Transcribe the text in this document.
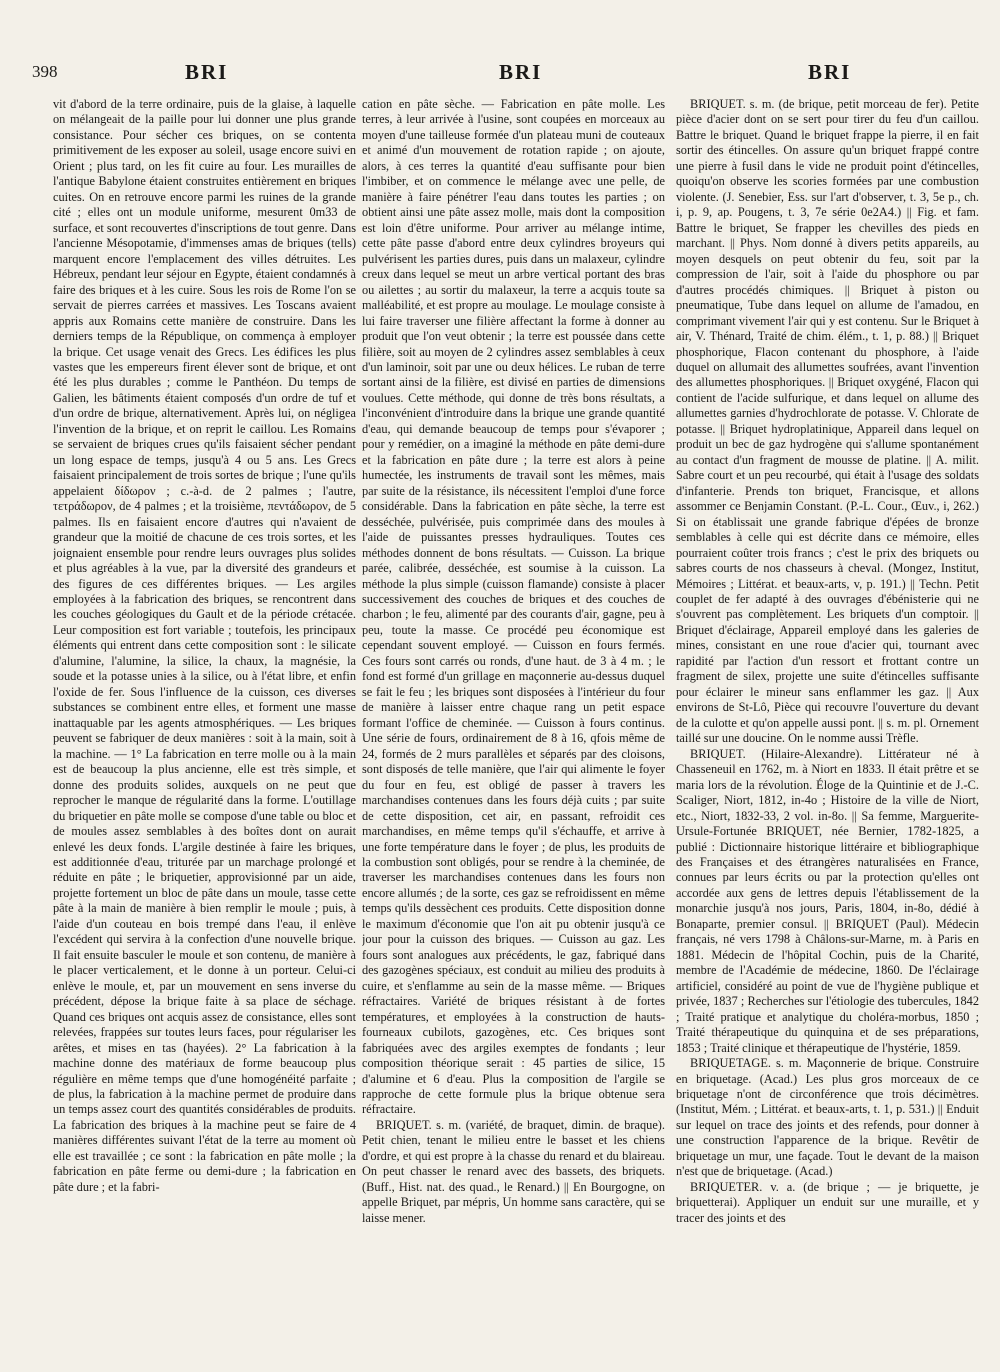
398	BRI	BRI	BRI

vit d'abord de la terre ordinaire, puis de la glaise, à laquelle on mélangeait de la paille pour lui donner une plus grande consistance. Pour sécher ces briques, on se contenta primitivement de les exposer au soleil, usage encore suivi en Orient ; plus tard, on les fit cuire au four. Les murailles de l'antique Babylone étaient construites entièrement en briques cuites. On en retrouve encore parmi les ruines de la grande cité ; elles ont un module uniforme, mesurent 0m33 de surface, et sont recouvertes d'inscriptions de tout genre. Dans l'ancienne Mésopotamie, d'immenses amas de briques (tells) marquent encore l'emplacement des villes détruites. Les Hébreux, pendant leur séjour en Egypte, étaient condamnés à faire des briques et à les cuire. Sous les rois de Rome l'on se servait de pierres carrées et massives. Les Toscans avaient appris aux Romains cette manière de construire. Dans les derniers temps de la République, on commença à employer la brique. Cet usage venait des Grecs. Les édifices les plus vastes que les empereurs firent élever sont de brique, et ont été les plus durables ; comme le Panthéon. Du temps de Galien, les bâtiments étaient composés d'un ordre de tuf et d'un ordre de brique, alternativement. Après lui, on négligea l'invention de la brique, et on reprit le caillou. Les Romains se servaient de briques crues qu'ils faisaient sécher pendant un long espace de temps, jusqu'à 4 ou 5 ans. Les Grecs faisaient principalement de trois sortes de brique ; l'une qu'ils appelaient δίδωρον ; c.-à-d. de 2 palmes ; l'autre, τετράδωρον, de 4 palmes ; et la troisième, πεντάδωρον, de 5 palmes. Ils en faisaient encore d'autres qui n'avaient de grandeur que la moitié de chacune de ces trois sortes, et les joignaient ensemble pour rendre leurs ouvrages plus solides et plus agréables à la vue, par la diversité des grandeurs et des figures de ces différentes briques. — Les argiles employées à la fabrication des briques, se rencontrent dans les couches géologiques du Gault et de la période crétacée. Leur composition est fort variable ; toutefois, les principaux éléments qui entrent dans cette composition sont : le silicate d'alumine, l'alumine, la silice, la chaux, la magnésie, la soude et la potasse unies à la silice, ou à l'état libre, et enfin l'oxide de fer. Sous l'influence de la cuisson, ces diverses substances se combinent entre elles, et forment une masse inattaquable par les agents atmosphériques. — Les briques peuvent se fabriquer de deux manières : soit à la main, soit à la machine. — 1° La fabrication en terre molle ou à la main est de beaucoup la plus ancienne, elle est très simple, et donne des produits solides, auxquels on ne peut que reprocher le manque de régularité dans la forme. L'outillage du briquetier en pâte molle se compose d'une table ou bloc et de moules assez semblables à des boîtes dont on aurait enlevé les deux fonds. L'argile destinée à faire les briques, est additionnée d'eau, triturée par un marchage prolongé et réduite en pâte ; le briquetier, approvisionné par un aide, projette fortement un bloc de pâte dans un moule, tasse cette pâte à la main de manière à bien remplir le moule ; puis, à l'aide d'un couteau en bois trempé dans l'eau, il enlève l'excédent qui servira à la confection d'une nouvelle brique. Il fait ensuite basculer le moule et son contenu, de manière à le placer verticalement, et le donne à un porteur. Celui-ci enlève le moule, et, par un mouvement en sens inverse du précédent, dépose la brique faite à sa place de séchage. Quand ces briques ont acquis assez de consistance, elles sont relevées, frappées sur toutes leurs faces, pour régulariser les arêtes, et mises en tas (hayées). 2° La fabrication à la machine donne des matériaux de forme beaucoup plus régulière en même temps que d'une homogénéité parfaite ; de plus, la fabrication à la machine permet de produire dans un temps assez court des quantités considérables de produits. La fabrication des briques à la machine peut se faire de 4 manières différentes suivant l'état de la terre au moment où elle est travaillée ; ce sont : la fabrication en pâte molle ; la fabrication en pâte ferme ou demi-dure ; la fabrication en pâte dure ; et la fabri-

cation en pâte sèche. — Fabrication en pâte molle. Les terres, à leur arrivée à l'usine, sont coupées en morceaux au moyen d'une tailleuse formée d'un plateau muni de couteaux et animé d'un mouvement de rotation rapide ; on ajoute, alors, à ces terres la quantité d'eau suffisante pour bien l'imbiber, et on commence le mélange avec une pelle, de manière à faire pénétrer l'eau dans toutes les parties ; on obtient ainsi une pâte assez molle, mais dont la composition est loin d'être uniforme. Pour arriver au mélange intime, cette pâte passe d'abord entre deux cylindres broyeurs qui pulvérisent les parties dures, puis dans un malaxeur, cylindre creux dans lequel se meut un arbre vertical portant des bras ou ailettes ; au sortir du malaxeur, la terre a acquis toute sa malléabilité, et est propre au moulage. Le moulage consiste à lui faire traverser une filière affectant la forme à donner au produit que l'on veut obtenir ; la terre est poussée dans cette filière, soit au moyen de 2 cylindres assez semblables à ceux d'un laminoir, soit par une ou deux hélices. Le ruban de terre sortant ainsi de la filière, est divisé en parties de dimensions voulues. Cette méthode, qui donne de très bons résultats, a l'inconvénient d'introduire dans la brique une grande quantité d'eau, qui demande beaucoup de temps pour s'évaporer ; pour y remédier, on a imaginé la méthode en pâte demi-dure et la fabrication en pâte dure ; la terre est alors à peine humectée, les instruments de travail sont les mêmes, mais par suite de la résistance, ils nécessitent l'emploi d'une force considérable. Dans la fabrication en pâte sèche, la terre est desséchée, pulvérisée, puis comprimée dans des moules à l'aide de puissantes presses hydrauliques. Toutes ces méthodes donnent de bons résultats. — Cuisson. La brique parée, calibrée, desséchée, est soumise à la cuisson. La méthode la plus simple (cuisson flamande) consiste à placer successivement des couches de briques et des couches de charbon ; le feu, alimenté par des courants d'air, gagne, peu à peu, toute la masse. Ce procédé peu économique est cependant souvent employé. — Cuisson en fours fermés. Ces fours sont carrés ou ronds, d'une haut. de 3 à 4 m. ; le fond est formé d'un grillage en maçonnerie au-dessus duquel se fait le feu ; les briques sont disposées à l'intérieur du four de manière à laisser entre chaque rang un petit espace formant l'office de cheminée. — Cuisson à fours continus. Une série de fours, ordinairement de 8 à 16, qfois même de 24, formés de 2 murs parallèles et séparés par des cloisons, sont disposés de telle manière, que l'air qui alimente le foyer du four en feu, est obligé de passer à travers les marchandises contenues dans les fours déjà cuits ; par suite de cette disposition, cet air, en passant, refroidit ces marchandises, en même temps qu'il s'échauffe, et arrive à une forte température dans le foyer ; de plus, les produits de la combustion sont obligés, pour se rendre à la cheminée, de traverser les marchandises contenues dans les fours non encore allumés ; de la sorte, ces gaz se refroidissent en même temps qu'ils dessèchent ces produits. Cette disposition donne le maximum d'économie que l'on ait pu obtenir jusqu'à ce jour pour la cuisson des briques. — Cuisson au gaz. Les fours sont analogues aux précédents, le gaz, fabriqué dans des gazogènes spéciaux, est conduit au milieu des produits à cuire, et s'enflamme au sein de la masse même. — Briques réfractaires. Variété de briques résistant à de fortes températures, et employées à la construction de hauts-fourneaux cubilots, gazogènes, etc. Ces briques sont fabriquées avec des argiles exemptes de fondants ; leur composition théorique serait : 45 parties de silice, 15 d'alumine et 6 d'eau. Plus la composition de l'argile se rapproche de cette formule plus la brique obtenue sera réfractaire.

BRIQUET. s. m. (variété, de braquet, dimin. de braque). Petit chien, tenant le milieu entre le basset et les chiens d'ordre, et qui est propre à la chasse du renard et du blaireau. On peut chasser le renard avec des bassets, des briquets. (Buff., Hist. nat. des quad., le Renard.) || En Bourgogne, on appelle Briquet, par mépris, Un homme sans caractère, qui se laisse mener.

BRIQUET. s. m. (de brique, petit morceau de fer). Petite pièce d'acier dont on se sert pour tirer du feu d'un caillou. Battre le briquet. Quand le briquet frappe la pierre, il en fait sortir des étincelles. On assure qu'un briquet frappé contre une pierre à fusil dans le vide ne produit point d'étincelles, quoiqu'on observe les scories formées par une combustion violente. (J. Senebier, Ess. sur l'art d'observer, t. 3, 5e p., ch. i, p. 9, ap. Pougens, t. 3, 7e série 0e2A4.) || Fig. et fam. Battre le briquet, Se frapper les chevilles des pieds en marchant. || Phys. Nom donné à divers petits appareils, au moyen desquels on peut obtenir du feu, soit par la compression de l'air, soit à l'aide du phosphore ou par d'autres procédés chimiques. || Briquet à piston ou pneumatique, Tube dans lequel on allume de l'amadou, en comprimant vivement l'air qui y est contenu. Sur le Briquet à air, V. Thénard, Traité de chim. élém., t. 1, p. 88.) || Briquet phosphorique, Flacon contenant du phosphore, à l'aide duquel on allumait des allumettes soufrées, avant l'invention des allumettes phosphoriques. || Briquet oxygéné, Flacon qui contient de l'acide sulfurique, et dans lequel on allume des allumettes garnies d'hydrochlorate de potasse. V. Chlorate de potasse. || Briquet hydroplatinique, Appareil dans lequel on produit un bec de gaz hydrogène qui s'allume spontanément au contact d'un fragment de mousse de platine. || A. milit. Sabre court et un peu recourbé, qui était à l'usage des soldats d'infanterie. Prends ton briquet, Francisque, et allons assommer ce Benjamin Constant. (P.-L. Cour., Œuv., i, 262.) Si on établissait une grande fabrique d'épées de bronze semblables à celle qui est décrite dans ce mémoire, elles pourraient coûter trois francs ; c'est le prix des briquets ou sabres courts de nos chasseurs à cheval. (Mongez, Institut, Mémoires ; Littérat. et beaux-arts, v, p. 191.) || Techn. Petit couplet de fer adapté à des ouvrages d'ébénisterie qui ne s'ouvrent pas complètement. Les briquets d'un comptoir. || Briquet d'éclairage, Appareil employé dans les galeries de mines, consistant en une roue d'acier qui, tournant avec rapidité par l'action d'un ressort et frottant contre un fragment de silex, projette une suite d'étincelles suffisante pour éclairer le mineur sans enflammer les gaz. || Aux environs de St-Lô, Pièce qui recouvre l'ouverture du devant de la culotte et qu'on appelle aussi pont. || s. m. pl. Ornement taillé sur une doucine. On le nomme aussi Trèfle.

BRIQUET. (Hilaire-Alexandre). Littérateur né à Chasseneuil en 1762, m. à Niort en 1833. Il était prêtre et se maria lors de la révolution. Éloge de la Quintinie et de J.-C. Scaliger, Niort, 1812, in-4o ; Histoire de la ville de Niort, etc., Niort, 1832-33, 2 vol. in-8o. || Sa femme, Marguerite-Ursule-Fortunée BRIQUET, née Bernier, 1782-1825, a publié : Dictionnaire historique littéraire et bibliographique des Françaises et des étrangères naturalisées en France, connues par leurs écrits ou par la protection qu'elles ont accordée aux gens de lettres depuis l'établissement de la monarchie jusqu'à nos jours, Paris, 1804, in-8o, dédié à Bonaparte, premier consul. || BRIQUET (Paul). Médecin français, né vers 1798 à Châlons-sur-Marne, m. à Paris en 1881. Médecin de l'hôpital Cochin, puis de la Charité, membre de l'Académie de médecine, 1860. De l'éclairage artificiel, considéré au point de vue de l'hygiène publique et privée, 1837 ; Recherches sur l'étiologie des tubercules, 1842 ; Traité pratique et analytique du choléra-morbus, 1850 ; Traité thérapeutique du quinquina et de ses préparations, 1853 ; Traité clinique et thérapeutique de l'hystérie, 1859.

BRIQUETAGE. s. m. Maçonnerie de brique. Construire en briquetage. (Acad.) Les plus gros morceaux de ce briquetage n'ont de circonférence que trois décimètres. (Institut, Mém. ; Littérat. et beaux-arts, t. 1, p. 531.) || Enduit sur lequel on trace des joints et des refends, pour donner à une construction l'apparence de la brique. Revêtir de briquetage un mur, une façade. Tout le devant de la maison n'est que de briquetage. (Acad.)

BRIQUETER. v. a. (de brique ; — je briquette, je briquetterai). Appliquer un enduit sur une muraille, et y tracer des joints et des
